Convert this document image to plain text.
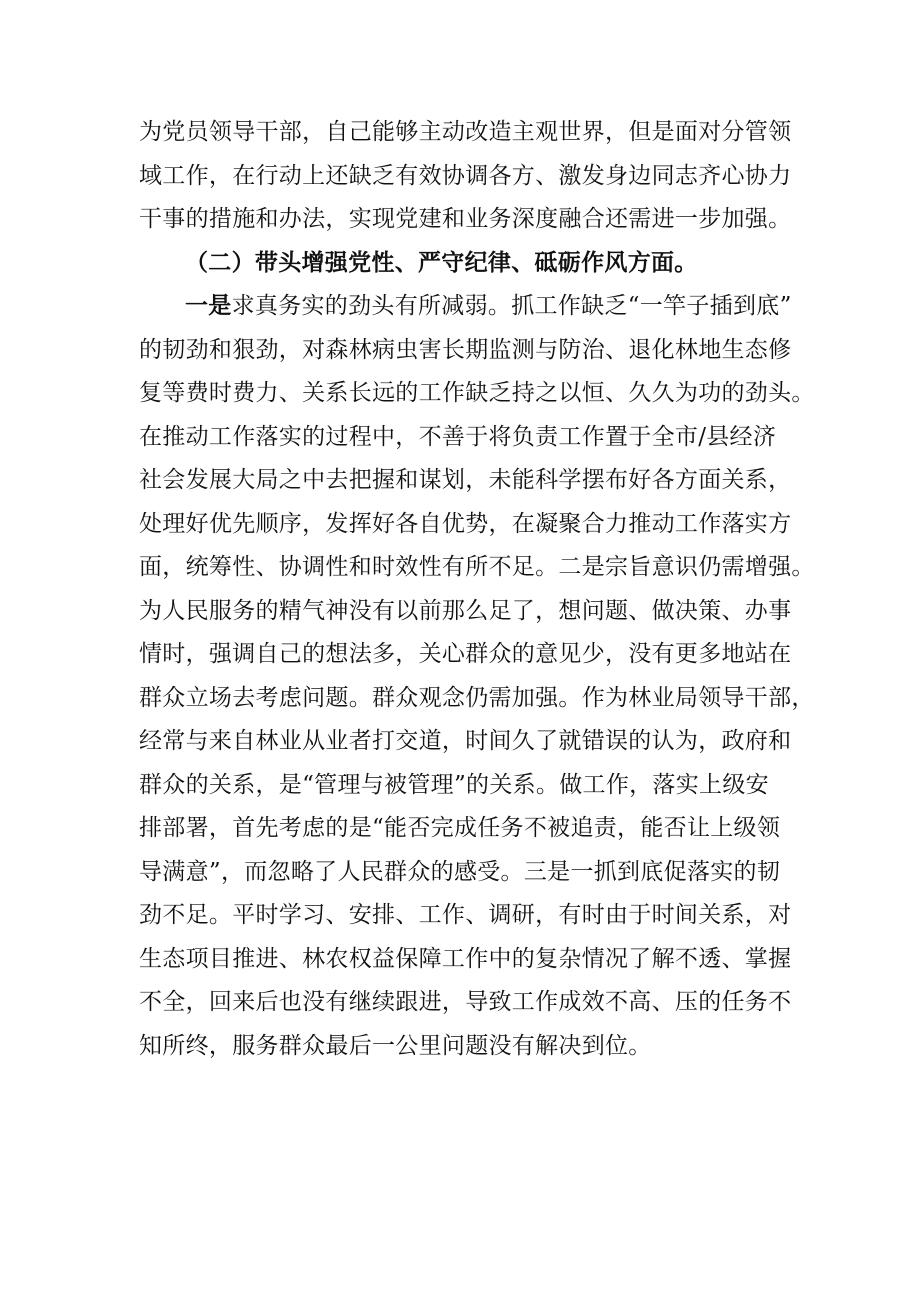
为党员领导干部，自己能够主动改造主观世界，但是面对分管领
域工作，在行动上还缺乏有效协调各方、激发身边同志齐心协力
干事的措施和办法，实现党建和业务深度融合还需进一步加强。
（二）带头增强党性、严守纪律、砥砺作风方面。
一是求真务实的劲头有所减弱。抓工作缺乏“一竿子插到底”
的韧劲和狠劲，对森林病虫害长期监测与防治、退化林地生态修
复等费时费力、关系长远的工作缺乏持之以恒、久久为功的劲头。
在推动工作落实的过程中，不善于将负责工作置于全市/县经济
社会发展大局之中去把握和谋划，未能科学摆布好各方面关系，
处理好优先顺序，发挥好各自优势，在凝聚合力推动工作落实方
面，统筹性、协调性和时效性有所不足。二是宗旨意识仍需增强。
为人民服务的精气神没有以前那么足了，想问题、做决策、办事
情时，强调自己的想法多，关心群众的意见少，没有更多地站在
群众立场去考虑问题。群众观念仍需加强。作为林业局领导干部，
经常与来自林业从业者打交道，时间久了就错误的认为，政府和
群众的关系，是“管理与被管理”的关系。做工作，落实上级安
排部署，首先考虑的是“能否完成任务不被追责，能否让上级领
导满意”，而忽略了人民群众的感受。三是一抓到底促落实的韧
劲不足。平时学习、安排、工作、调研，有时由于时间关系，对
生态项目推进、林农权益保障工作中的复杂情况了解不透、掌握
不全，回来后也没有继续跟进，导致工作成效不高、压的任务不
知所终，服务群众最后一公里问题没有解决到位。
